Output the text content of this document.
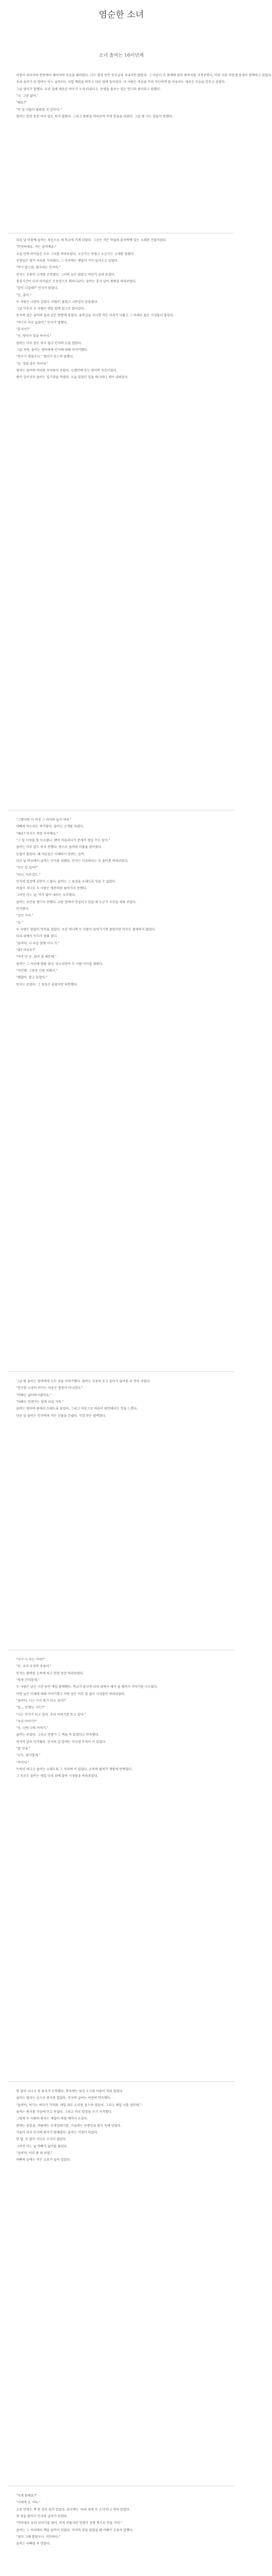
염순한 소녀
소녀 솔비는 16이년제

아침이 되어서야 연못에서 헤어져야 마음을 헤아렸다. 나는 평생 동안 부모님과 지내지만 않았다. 그 마음이 큰 화제에 담아 밖까지를 지켜주면서, 어린 사촌 여동생 동생이 함께하고 있었다.

우리 솔비가 된 엄마는 어느 날부터는 사업 계획을 바꾸고 다른 집에 들어갔다. 이 사람은 마음을 꾸려 자신에게 잘 어울리는 새로운 모습을 갖추고 싶었다.

그날 엄마가 말했다. 우리 집에 새로운 아이가 오게 되었다고. 동생을 돌보는 일은 언니의 몫이라고 말했다.

"나, 그냥 싫어."

"왜요?"

"이 집 사람이 불편할 것 같아서."

엄마는 한참 동안 아무 말도 하지 않았다. 그리고 창밖을 바라보며 작게 한숨을 쉬었다. 그날 밤 나는 잠들지 못했다.

다음 날 아침에 솔비는 처음으로 새 학교에 가게 되었다. 그곳은 작은 마을의 끝자락에 있는 오래된 건물이었다.

"안녕하세요. 저는 솔비예요."

교실 안의 아이들은 모두 그녀를 바라보았다. 누군가는 웃었고 누군가는 고개를 돌렸다.

선생님은 창가 자리를 가리켰다. 그 자리에는 햇빛이 가득 들어오고 있었다.

"여기 앉으렴. 옆자리는 민지야."

민지는 조용히 고개를 끄덕였다. 그녀의 눈은 맑았고 어딘가 슬퍼 보였다.

점심시간이 되자 아이들은 운동장으로 뛰어나갔다. 솔비는 혼자 남아 창밖을 바라보았다.

"같이 나갈래?" 민지가 물었다.

"응, 좋아."

두 사람은 나란히 걸었다. 바람이 불었고 나뭇잎이 흔들렸다.

그날 이후로 두 사람은 매일 함께 집으로 돌아갔다.

민지의 집은 솔비의 집과 같은 방향에 있었다. 골목길을 지나면 작은 다리가 나왔고 그 아래로 맑은 시냇물이 흘렀다.

"여기서 자주 놀았어." 민지가 말했다.

"혼자서?"

"응. 엄마가 일을 하셔서."

솔비는 아무 말도 하지 않고 민지의 손을 잡았다.

그날 저녁, 솔비는 엄마에게 민지에 대해 이야기했다.

"친구가 생겼구나." 엄마가 웃으며 말했다.

"응. 정말 좋은 아이야."

엄마는 솔비의 머리를 쓰다듬어 주었다. 오랜만에 보는 엄마의 웃음이었다.

밤이 깊어지자 솔비는 일기장을 꺼냈다. 오늘 있었던 일을 하나하나 적어 내려갔다.

"그렇다면 더 이상 그 아이와 놀지 마라."

아빠의 목소리는 차가웠다. 솔비는 고개를 숙였다.

"왜요? 민지는 착한 아이예요."

"그 집 사정을 잘 모르잖니. 괜히 어울리다가 문제가 생길 수도 있어."

솔비는 아무 말도 하지 못했다. 방으로 돌아와 이불을 덮어썼다.

눈물이 흘렀다. 왜 어른들은 이해하지 못하는 걸까.

다음 날 학교에서 솔비는 민지를 피했다. 민지는 이상하다는 듯 솔비를 바라보았다.

"무슨 일 있어?"

"아니, 아무것도."

민지의 얼굴에 실망이 스쳤다. 솔비는 그 표정을 오래도록 잊을 수 없었다.

며칠이 지나도 두 사람은 예전처럼 돌아가지 못했다.

그러던 어느 날, 비가 많이 내리는 오후였다.

솔비는 우산을 챙기지 못했다. 교문 앞에서 망설이고 있을 때 누군가 우산을 씌워 주었다.

민지였다.

"같이 가자."

"응."

두 사람은 말없이 빗속을 걸었다. 우산 하나에 두 사람이 들어가기엔 좁았지만 아무도 불평하지 않았다.

다리 위에서 민지가 멈춰 섰다.

"솔비야, 나 다음 달에 이사 가."

"뭐? 어디로?"

"아주 먼 곳. 엄마 일 때문에."

솔비는 그 자리에 멈춰 섰다. 빗소리만이 두 사람 사이를 채웠다.

"미안해. 그동안 너를 피해서."

"괜찮아. 알고 있었어."

민지는 웃었다. 그 웃음은 슬펐지만 따뜻했다.

그날 밤 솔비는 엄마에게 모든 것을 이야기했다. 엄마는 조용히 듣고 있다가 솔비를 꼭 안아 주었다.

"친구를 소중히 여기는 마음은 잘못이 아니란다."

"아빠는 싫어하시잖아요."

"아빠도 언젠가는 알게 되실 거야."

솔비는 엄마의 품에서 오래도록 울었다. 그리고 처음으로 마음이 편안해지는 것을 느꼈다.

다음 날 솔비는 민지에게 작은 선물을 건넸다. 직접 만든 팔찌였다.

"이거 나 주는 거야?"

"응. 우리 우정의 증표야."

민지는 팔찌를 손목에 차고 한참 동안 바라보았다.

"평생 간직할게."

두 사람은 남은 시간 동안 매일 함께했다. 학교가 끝나면 다리 위에서 해가 질 때까지 이야기를 나누었다.

어떤 날은 미래에 대해 이야기했고 어떤 날은 아무 말 없이 시냇물만 바라보았다.

"솔비야, 너는 커서 뭐가 되고 싶어?"

"음... 선생님. 너는?"

"나는 작가가 되고 싶어. 우리 이야기를 쓰고 싶어."

"우리 이야기?"

"응. 너랑 나의 이야기."

솔비는 웃었다. 그리고 언젠가 그 책을 꼭 읽겠다고 약속했다.

마지막 날이 다가왔다. 민지의 집 앞에는 이삿짐 트럭이 서 있었다.

"잘 지내."

"너도. 편지할게."

"꼭이야."

트럭이 떠나고 솔비는 오래도록 그 자리에 서 있었다. 손목의 팔찌가 햇빛에 반짝였다.

그 후로도 솔비는 매일 다리 위에 앉아 시냇물을 바라보았다.

몇 달이 지나고 첫 편지가 도착했다. 봉투에는 낯선 도시의 이름이 적혀 있었다.

솔비는 떨리는 손으로 편지를 열었다. 민지의 글씨는 여전히 반듯했다.

"솔비야, 여기는 바다가 가까워. 매일 파도 소리를 들으며 잠들어. 그리고 매일 너를 생각해."

솔비는 편지를 가슴에 안고 웃었다. 그리고 바로 답장을 쓰기 시작했다.

그렇게 두 사람의 편지는 계절이 바뀔 때마다 오갔다.

봄에는 꽃잎을, 여름에는 조개껍데기를, 가을에는 단풍잎을 편지 속에 넣었다.

겨울이 되자 민지의 편지가 뜸해졌다. 솔비는 걱정이 되었다.

한 달, 두 달이 지나도 소식이 없었다.

그러던 어느 날 아빠가 솔비를 불렀다.

"솔비야, 이리 좀 와 보렴."

아빠의 손에는 작은 소포가 들려 있었다.

"이게 뭐예요?"

"너에게 온 거다."

소포 안에는 책 한 권이 들어 있었다. 표지에는 '다리 위의 두 소녀'라고 적혀 있었다.

첫 장을 펼치자 민지의 글씨가 보였다.

"약속대로 우리 이야기를 썼어. 아직 서툴지만 언젠가 진짜 책으로 만들 거야."

솔비는 그 자리에서 책을 끝까지 읽었다. 마지막 장을 덮었을 때 아빠가 조용히 말했다.

"내가 그때 틀렸구나. 미안하다."

솔비는 아빠를 꼭 안았다.
